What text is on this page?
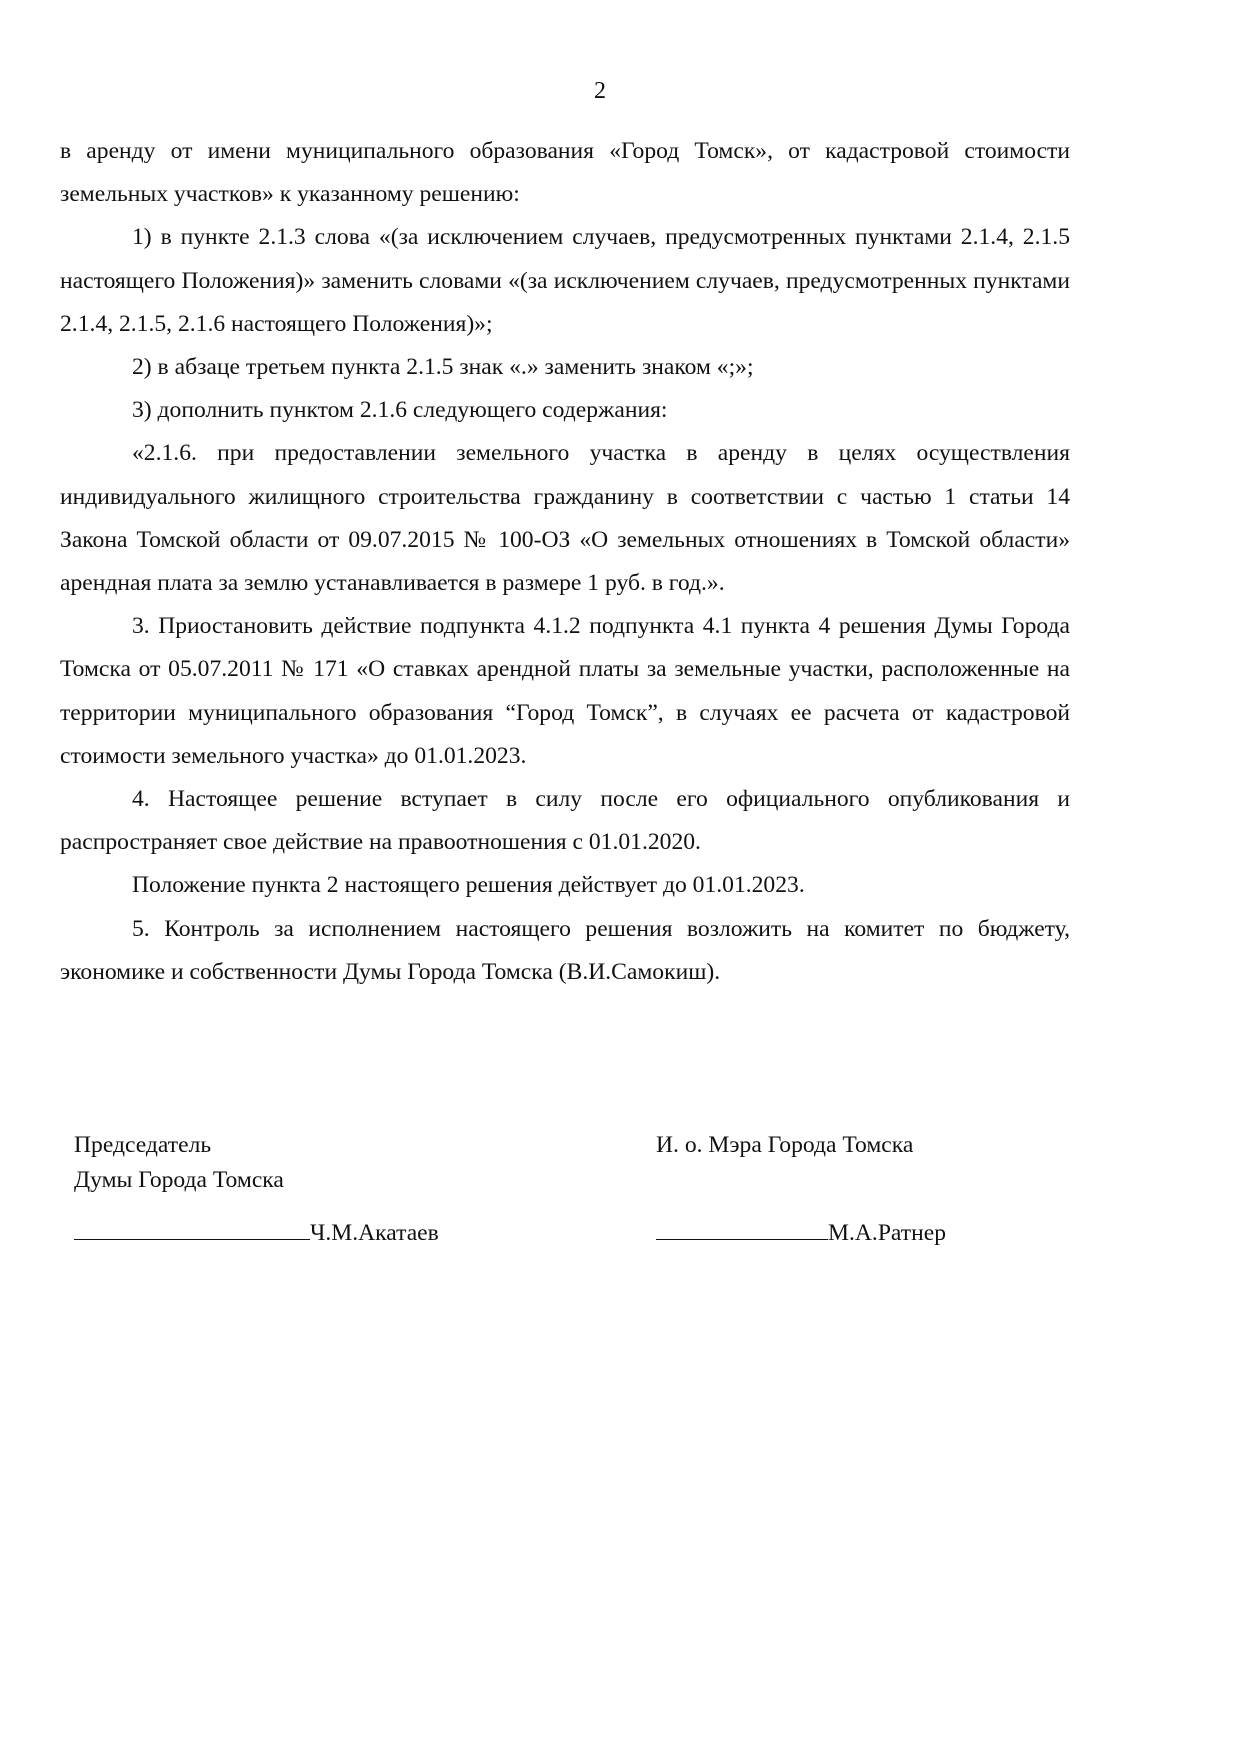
2

в аренду от имени муниципального образования «Город Томск», от кадастровой стоимости земельных участков» к указанному решению:

1) в пункте 2.1.3 слова «(за исключением случаев, предусмотренных пунктами 2.1.4, 2.1.5 настоящего Положения)» заменить словами «(за исключением случаев, предусмотренных пунктами 2.1.4, 2.1.5, 2.1.6 настоящего Положения)»;

2) в абзаце третьем пункта 2.1.5 знак «.» заменить знаком «;»;

3) дополнить пунктом 2.1.6 следующего содержания:

«2.1.6. при предоставлении земельного участка в аренду в целях осуществления индивидуального жилищного строительства гражданину в соответствии с частью 1 статьи 14 Закона Томской области от 09.07.2015 № 100-ОЗ «О земельных отношениях в Томской области» арендная плата за землю устанавливается в размере 1 руб. в год.».

3. Приостановить действие подпункта 4.1.2 подпункта 4.1 пункта 4 решения Думы Города Томска от 05.07.2011 № 171 «О ставках арендной платы за земельные участки, расположенные на территории муниципального образования “Город Томск”, в случаях ее расчета от кадастровой стоимости земельного участка» до 01.01.2023.

4. Настоящее решение вступает в силу после его официального опубликования и распространяет свое действие на правоотношения с 01.01.2020.

Положение пункта 2 настоящего решения действует до 01.01.2023.

5. Контроль за исполнением настоящего решения возложить на комитет по бюджету, экономике и собственности Думы Города Томска (В.И.Самокиш).

Председатель
Думы Города Томска
И. о. Мэра Города Томска
Ч.М.Акатаев	М.А.Ратнер
